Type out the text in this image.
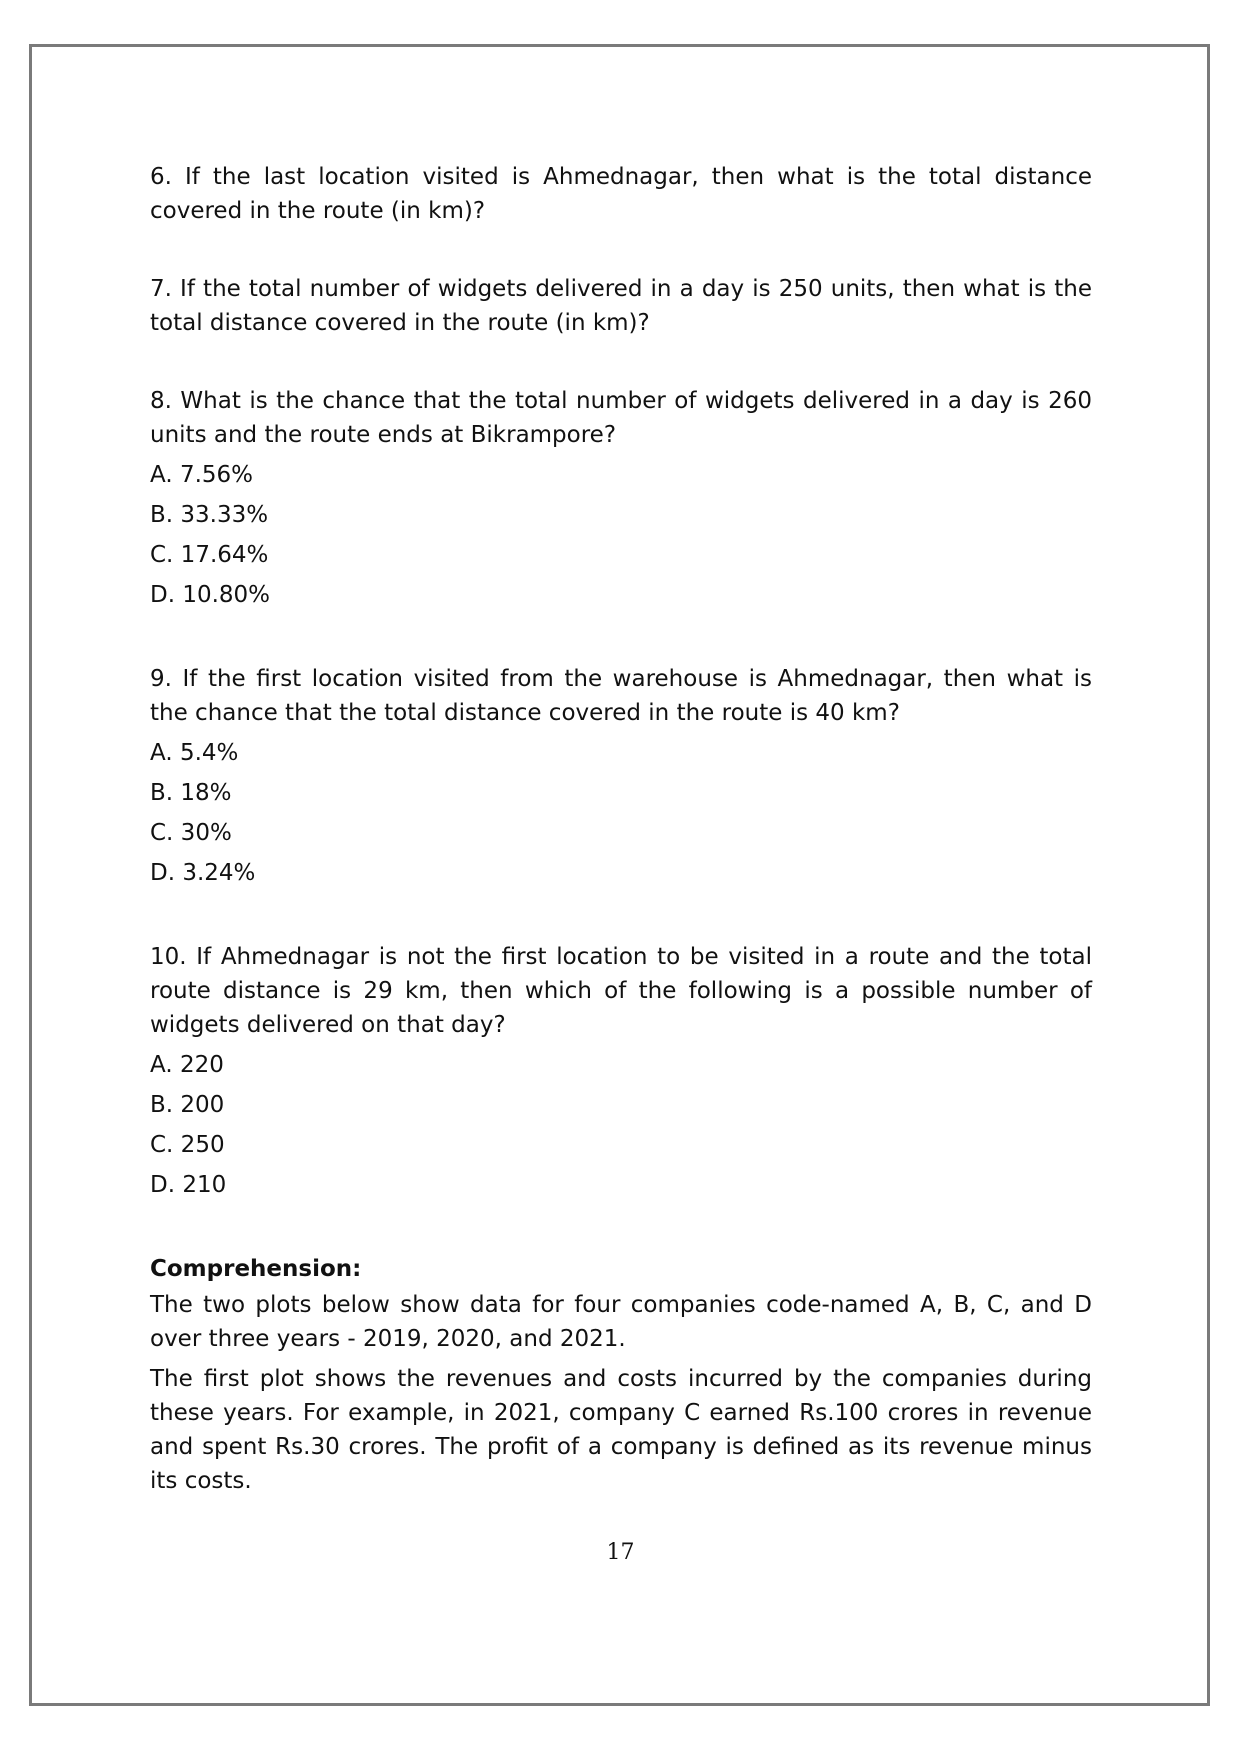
6. If the last location visited is Ahmednagar, then what is the total distance covered in the route (in km)?

7. If the total number of widgets delivered in a day is 250 units, then what is the total distance covered in the route (in km)?

8. What is the chance that the total number of widgets delivered in a day is 260 units and the route ends at Bikrampore?

A. 7.56%
B. 33.33%
C. 17.64%
D. 10.80%

9. If the first location visited from the warehouse is Ahmednagar, then what is the chance that the total distance covered in the route is 40 km?

A. 5.4%
B. 18%
C. 30%
D. 3.24%

10. If Ahmednagar is not the first location to be visited in a route and the total route distance is 29 km, then which of the following is a possible number of widgets delivered on that day?

A. 220
B. 200
C. 250
D. 210

Comprehension:

The two plots below show data for four companies code-named A, B, C, and D over three years - 2019, 2020, and 2021.

The first plot shows the revenues and costs incurred by the companies during these years. For example, in 2021, company C earned Rs.100 crores in revenue and spent Rs.30 crores. The profit of a company is defined as its revenue minus its costs.

17
